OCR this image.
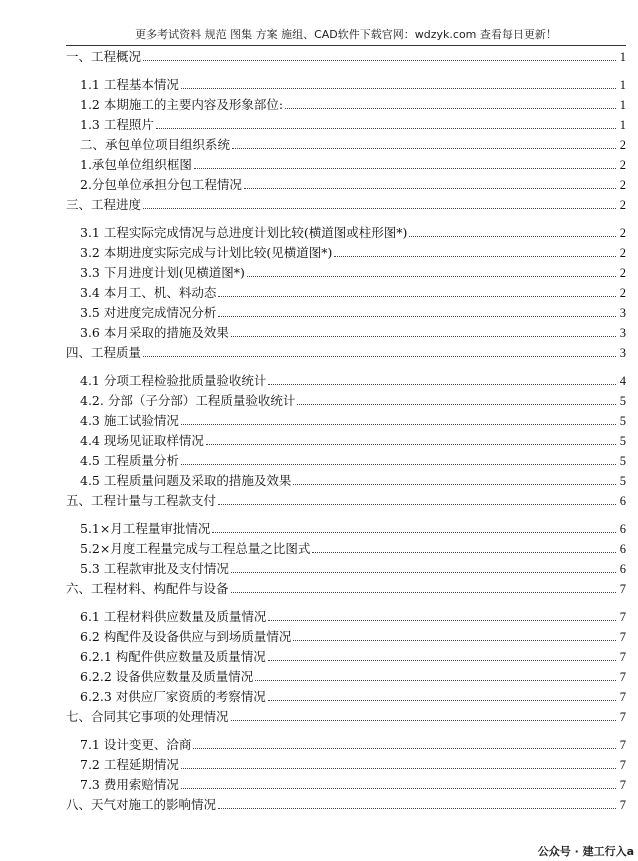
更多考试资料 规范 图集 方案 施组、CAD软件下载官网：wdzyk.com 查看每日更新！
一、工程概况	1
1.1 工程基本情况	1
1.2 本期施工的主要内容及形象部位:	1
1.3 工程照片	1
二、承包单位项目组织系统	2
1.承包单位组织框图	2
2.分包单位承担分包工程情况	2
三、工程进度	2
3.1 工程实际完成情况与总进度计划比较(横道图或柱形图*)	2
3.2 本期进度实际完成与计划比较(见横道图*)	2
3.3 下月进度计划(见横道图*)	2
3.4 本月工、机、料动态	2
3.5 对进度完成情况分析	3
3.6 本月采取的措施及效果	3
四、工程质量	3
4.1 分项工程检验批质量验收统计	4
4.2. 分部（子分部）工程质量验收统计	5
4.3 施工试验情况	5
4.4 现场见证取样情况	5
4.5 工程质量分析	5
4.5 工程质量问题及采取的措施及效果	5
五、工程计量与工程款支付	6
5.1×月工程量审批情况	6
5.2×月度工程量完成与工程总量之比图式	6
5.3 工程款审批及支付情况	6
六、工程材料、构配件与设备	7
6.1 工程材料供应数量及质量情况	7
6.2 构配件及设备供应与到场质量情况	7
6.2.1 构配件供应数量及质量情况	7
6.2.2 设备供应数量及质量情况	7
6.2.3 对供应厂家资质的考察情况	7
七、合同其它事项的处理情况	7
7.1 设计变更、洽商	7
7.2 工程延期情况	7
7.3 费用索赔情况	7
八、天气对施工的影响情况	7
公众号 · 建工行入a
